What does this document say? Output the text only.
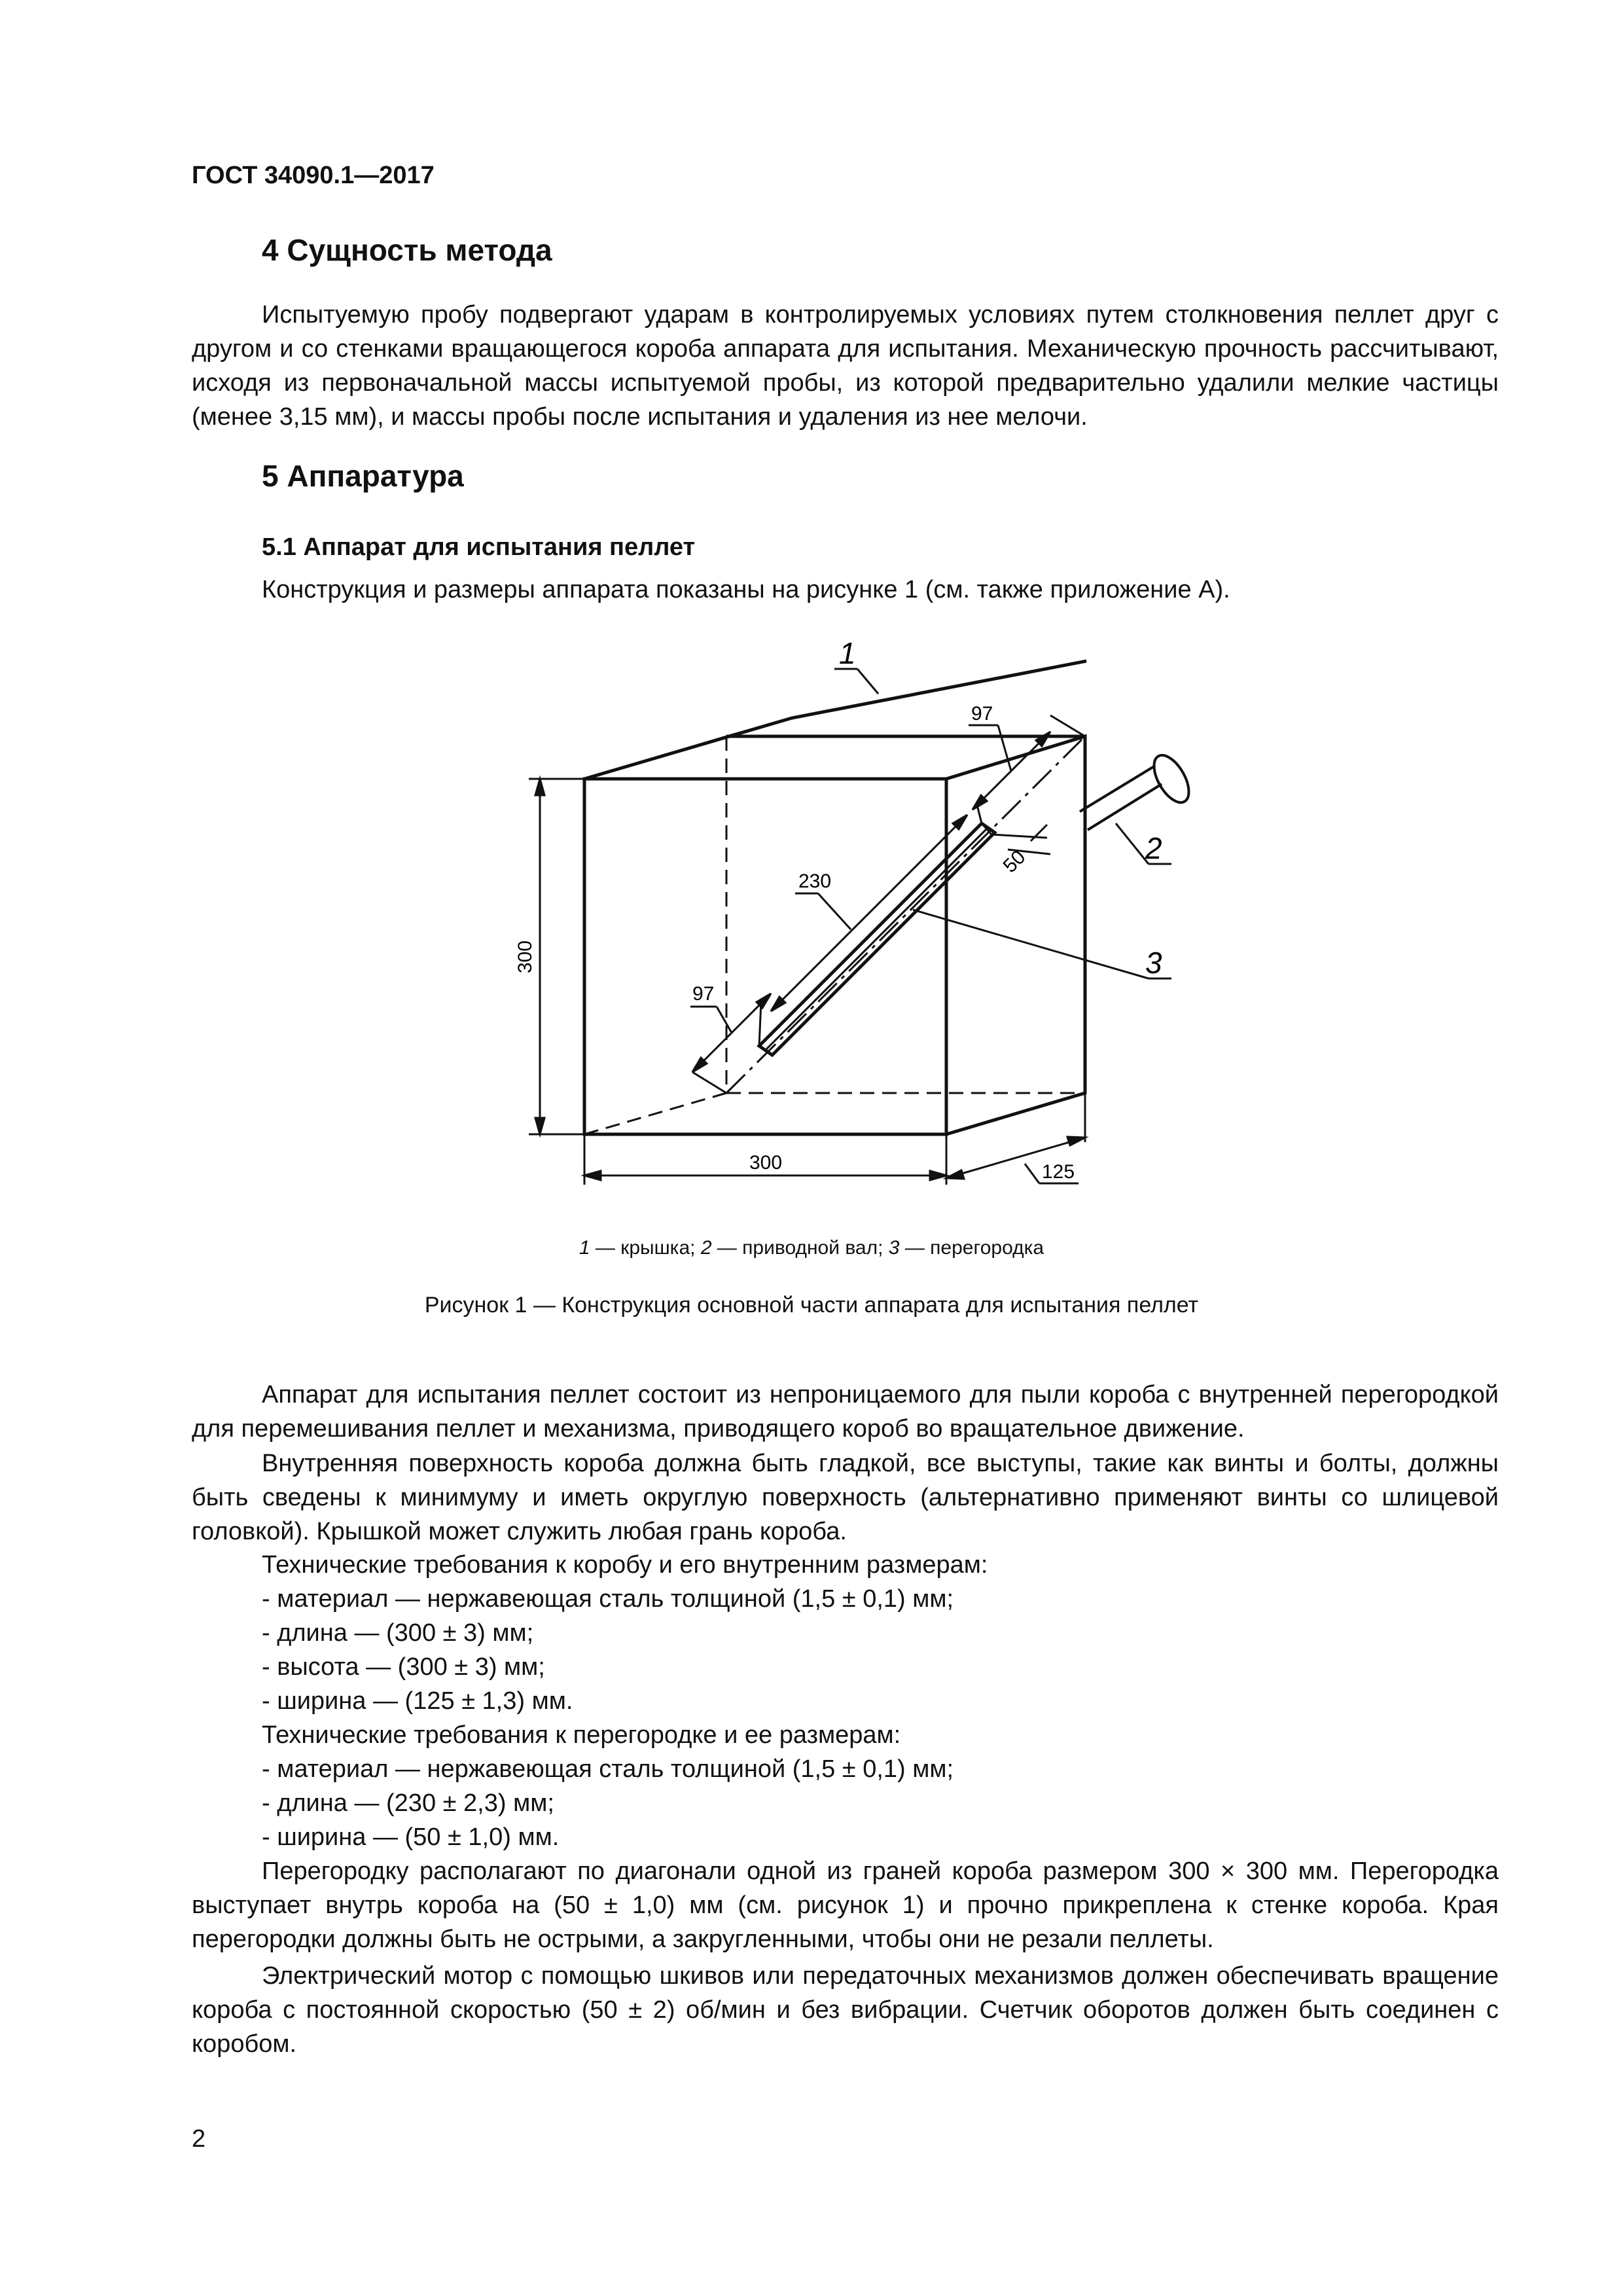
ГОСТ 34090.1—2017
4 Сущность метода

Испытуемую пробу подвергают ударам в контролируемых условиях путем столкновения пеллет друг с другом и со стенками вращающегося короба аппарата для испытания. Механическую прочность рассчитывают, исходя из первоначальной массы испытуемой пробы, из которой предварительно удалили мелкие частицы (менее 3,15 мм), и массы пробы после испытания и удаления из нее мелочи.

5 Аппаратура
5.1 Аппарат для испытания пеллет
Конструкция и размеры аппарата показаны на рисунке 1 (см. также приложение А).
300
300	125
230
97
97
50
1
2
3
1 — крышка; 2 — приводной вал; 3 — перегородка
Рисунок 1 — Конструкция основной части аппарата для испытания пеллет

Аппарат для испытания пеллет состоит из непроницаемого для пыли короба с внутренней перегородкой для перемешивания пеллет и механизма, приводящего короб во вращательное движение.

Внутренняя поверхность короба должна быть гладкой, все выступы, такие как винты и болты, должны быть сведены к минимуму и иметь округлую поверхность (альтернативно применяют винты со шлицевой головкой). Крышкой может служить любая грань короба.

Технические требования к коробу и его внутренним размерам:
- материал — нержавеющая сталь толщиной (1,5 ± 0,1) мм;
- длина — (300 ± 3) мм;
- высота — (300 ± 3) мм;
- ширина — (125 ± 1,3) мм.
Технические требования к перегородке и ее размерам:
- материал — нержавеющая сталь толщиной (1,5 ± 0,1) мм;
- длина — (230 ± 2,3) мм;
- ширина — (50 ± 1,0) мм.

Перегородку располагают по диагонали одной из граней короба размером 300 × 300 мм. Перегородка выступает внутрь короба на (50 ± 1,0) мм (см. рисунок 1) и прочно прикреплена к стенке короба. Края перегородки должны быть не острыми, а закругленными, чтобы они не резали пеллеты.

Электрический мотор с помощью шкивов или передаточных механизмов должен обеспечивать вращение короба с постоянной скоростью (50 ± 2) об/мин и без вибрации. Счетчик оборотов должен быть соединен с коробом.

2
